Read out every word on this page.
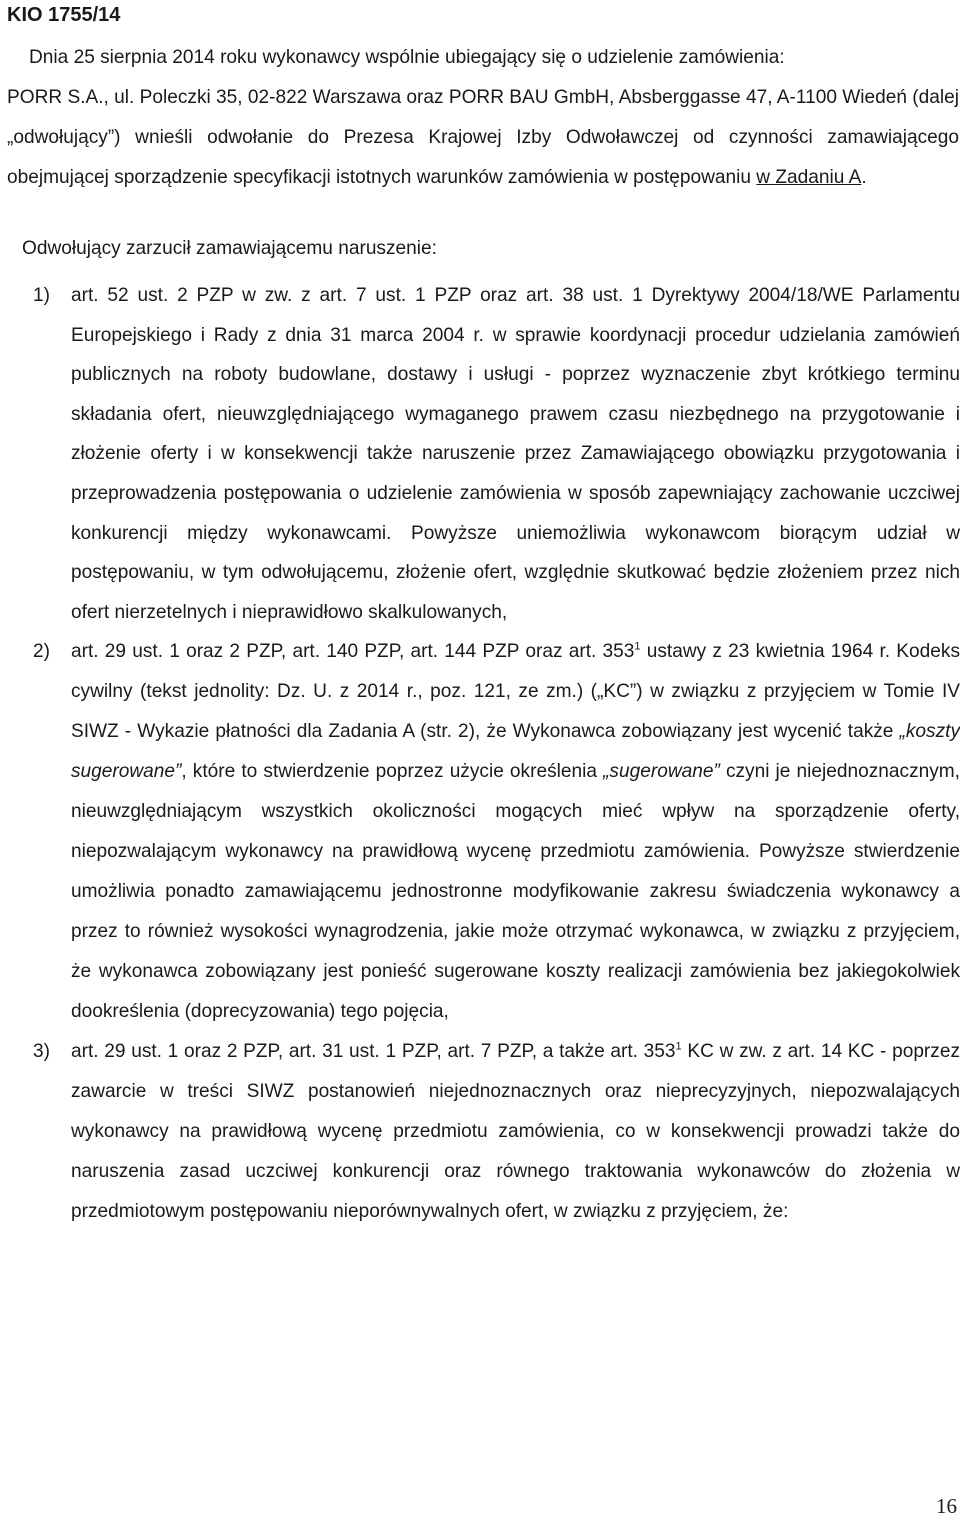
KIO 1755/14

Dnia 25 sierpnia 2014 roku wykonawcy wspólnie ubiegający się o udzielenie zamówienia:
PORR S.A., ul. Poleczki 35, 02-822 Warszawa oraz PORR BAU GmbH, Absberggasse 47, A-1100 Wiedeń (dalej „odwołujący”) wnieśli odwołanie do Prezesa Krajowej Izby Odwoławczej od czynności zamawiającego obejmującej sporządzenie specyfikacji istotnych warunków zamówienia w postępowaniu w Zadaniu A.

Odwołujący zarzucił zamawiającemu naruszenie:

1) art. 52 ust. 2 PZP w zw. z art. 7 ust. 1 PZP oraz art. 38 ust. 1 Dyrektywy 2004/18/WE Parlamentu Europejskiego i Rady z dnia 31 marca 2004 r. w sprawie koordynacji procedur udzielania zamówień publicznych na roboty budowlane, dostawy i usługi - poprzez wyznaczenie zbyt krótkiego terminu składania ofert, nieuwzględniającego wymaganego prawem czasu niezbędnego na przygotowanie i złożenie oferty i w konsekwencji także naruszenie przez Zamawiającego obowiązku przygotowania i przeprowadzenia postępowania o udzielenie zamówienia w sposób zapewniający zachowanie uczciwej konkurencji między wykonawcami. Powyższe uniemożliwia wykonawcom biorącym udział w postępowaniu, w tym odwołującemu, złożenie ofert, względnie skutkować będzie złożeniem przez nich ofert nierzetelnych i nieprawidłowo skalkulowanych,
2) art. 29 ust. 1 oraz 2 PZP, art. 140 PZP, art. 144 PZP oraz art. $353^1$ ustawy z 23 kwietnia 1964 r. Kodeks cywilny (tekst jednolity: Dz. U. z 2014 r., poz. 121, ze zm.) („KC”) w związku z przyjęciem w Tomie IV SIWZ - Wykazie płatności dla Zadania A (str. 2), że Wykonawca zobowiązany jest wycenić także „koszty sugerowane”, które to stwierdzenie poprzez użycie określenia „sugerowane” czyni je niejednoznacznym, nieuwzględniającym wszystkich okoliczności mogących mieć wpływ na sporządzenie oferty, niepozwalającym wykonawcy na prawidłową wycenę przedmiotu zamówienia. Powyższe stwierdzenie umożliwia ponadto zamawiającemu jednostronne modyfikowanie zakresu świadczenia wykonawcy a przez to również wysokości wynagrodzenia, jakie może otrzymać wykonawca, w związku z przyjęciem, że wykonawca zobowiązany jest ponieść sugerowane koszty realizacji zamówienia bez jakiegokolwiek dookreślenia (doprecyzowania) tego pojęcia,
3) art. 29 ust. 1 oraz 2 PZP, art. 31 ust. 1 PZP, art. 7 PZP, a także art. $353^1$ KC w zw. z art. 14 KC - poprzez zawarcie w treści SIWZ postanowień niejednoznacznych oraz nieprecyzyjnych, niepozwalających wykonawcy na prawidłową wycenę przedmiotu zamówienia, co w konsekwencji prowadzi także do naruszenia zasad uczciwej konkurencji oraz równego traktowania wykonawców do złożenia w przedmiotowym postępowaniu nieporównywalnych ofert, w związku z przyjęciem, że:

16
